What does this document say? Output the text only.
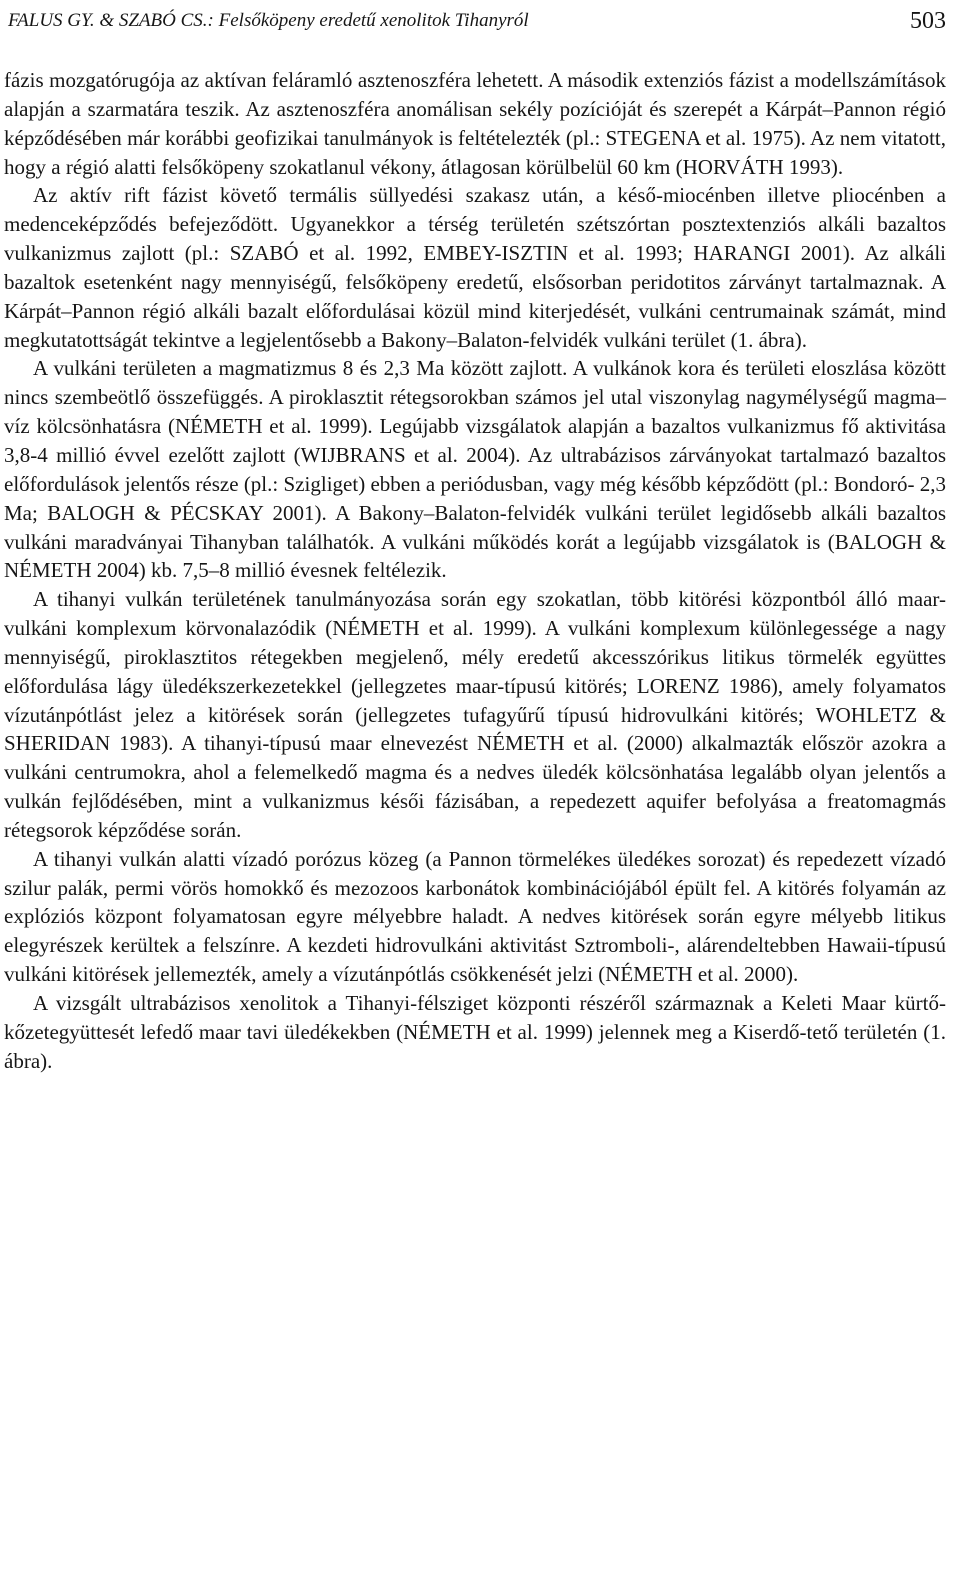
FALUS GY. & SZABÓ CS.: Felsőköpeny eredetű xenolitok Tihanyról	503

fázis mozgatórugója az aktívan feláramló asztenoszféra lehetett. A második extenziós fázist a modellszámítások alapján a szarmatára teszik. Az asztenoszféra anomálisan sekély pozícióját és szerepét a Kárpát–Pannon régió képződésében már korábbi geofizikai tanulmányok is feltételezték (pl.: STEGENA et al. 1975). Az nem vitatott, hogy a régió alatti felsőköpeny szokatlanul vékony, átlagosan körülbelül 60 km (HORVÁTH 1993).

Az aktív rift fázist követő termális süllyedési szakasz után, a késő-miocénben illetve pliocénben a medenceképződés befejeződött. Ugyanekkor a térség területén szétszórtan posztextenziós alkáli bazaltos vulkanizmus zajlott (pl.: SZABÓ et al. 1992, EMBEY-ISZTIN et al. 1993; HARANGI 2001). Az alkáli bazaltok esetenként nagy mennyiségű, felsőköpeny eredetű, elsősorban peridotitos zárványt tartalmaznak. A Kárpát–Pannon régió alkáli bazalt előfordulásai közül mind kiterjedését, vulkáni centrumainak számát, mind megkutatottságát tekintve a legjelentősebb a Bakony–Balaton-felvidék vulkáni terület (1. ábra).

A vulkáni területen a magmatizmus 8 és 2,3 Ma között zajlott. A vulkánok kora és területi eloszlása között nincs szembeötlő összefüggés. A piroklasztit rétegsorokban számos jel utal viszonylag nagymélységű magma–víz kölcsönhatásra (NÉMETH et al. 1999). Legújabb vizsgálatok alapján a bazaltos vulkanizmus fő aktivitása 3,8-4 millió évvel ezelőtt zajlott (WIJBRANS et al. 2004). Az ultrabázisos zárványokat tartalmazó bazaltos előfordulások jelentős része (pl.: Szigliget) ebben a periódusban, vagy még később képződött (pl.: Bondoró- 2,3 Ma; BALOGH & PÉCSKAY 2001). A Bakony–Balaton-felvidék vulkáni terület legidősebb alkáli bazaltos vulkáni maradványai Tihanyban találhatók. A vulkáni működés korát a legújabb vizsgálatok is (BALOGH & NÉMETH 2004) kb. 7,5–8 millió évesnek feltélezik.

A tihanyi vulkán területének tanulmányozása során egy szokatlan, több kitörési központból álló maar-vulkáni komplexum körvonalazódik (NÉMETH et al. 1999). A vulkáni komplexum különlegessége a nagy mennyiségű, piroklasztitos rétegekben megjelenő, mély eredetű akcesszórikus litikus törmelék együttes előfordulása lágy üledékszerkezetekkel (jellegzetes maar-típusú kitörés; LORENZ 1986), amely folyamatos vízutánpótlást jelez a kitörések során (jellegzetes tufagyűrű típusú hidrovulkáni kitörés; WOHLETZ & SHERIDAN 1983). A tihanyi-típusú maar elnevezést NÉMETH et al. (2000) alkalmazták először azokra a vulkáni centrumokra, ahol a felemelkedő magma és a nedves üledék kölcsönhatása legalább olyan jelentős a vulkán fejlődésében, mint a vulkanizmus késői fázisában, a repedezett aquifer befolyása a freatomagmás rétegsorok képződése során.

A tihanyi vulkán alatti vízadó porózus közeg (a Pannon törmelékes üledékes sorozat) és repedezett vízadó szilur palák, permi vörös homokkő és mezozoos karbonátok kombinációjából épült fel. A kitörés folyamán az explóziós központ folyamatosan egyre mélyebbre haladt. A nedves kitörések során egyre mélyebb litikus elegyrészek kerültek a felszínre. A kezdeti hidrovulkáni aktivitást Sztromboli-, alárendeltebben Hawaii-típusú vulkáni kitörések jellemezték, amely a vízutánpótlás csökkenését jelzi (NÉMETH et al. 2000).

A vizsgált ultrabázisos xenolitok a Tihanyi-félsziget központi részéről származnak a Keleti Maar kürtő-kőzetegyüttesét lefedő maar tavi üledékekben (NÉMETH et al. 1999) jelennek meg a Kiserdő-tető területén (1. ábra).
